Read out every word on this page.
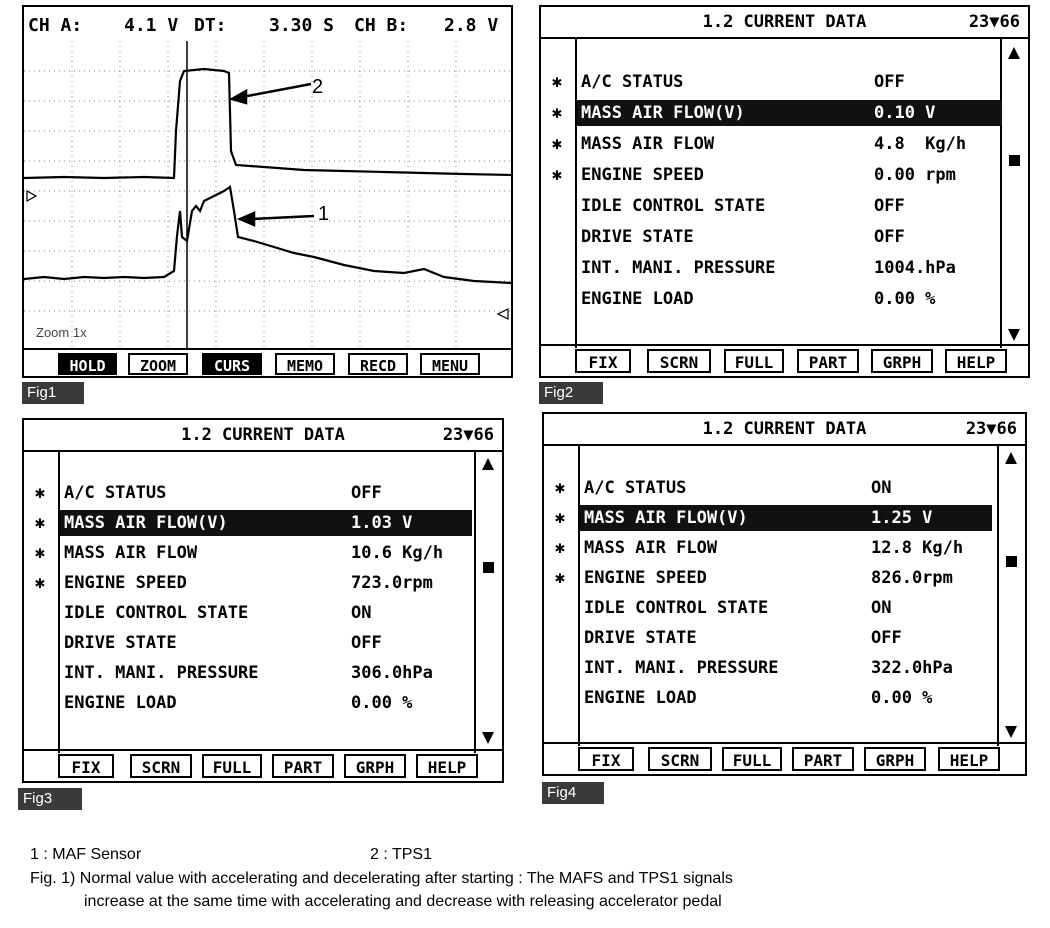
CH A:

4.1 V

DT:

3.30 S

CH B:

2.8 V

2
1
Zoom 1x
HOLD	ZOOM	CURS	MEMO	RECD	MENU
Fig1
1.2 CURRENT DATA	23▼66
✱ A/C STATUS	OFF
✱ MASS AIR FLOW(V)	0.10 V
✱ MASS AIR FLOW	4.8  Kg/h
✱ ENGINE SPEED	0.00 rpm
IDLE CONTROL STATE	OFF
DRIVE STATE	OFF
INT. MANI. PRESSURE	1004.hPa
ENGINE LOAD	0.00 %
FIX	SCRN	FULL	PART	GRPH	HELP
Fig2
1.2 CURRENT DATA	23▼66
✱ A/C STATUS	OFF
✱ MASS AIR FLOW(V)	1.03 V
✱ MASS AIR FLOW	10.6 Kg/h
✱ ENGINE SPEED	723.0rpm
IDLE CONTROL STATE	ON
DRIVE STATE	OFF
INT. MANI. PRESSURE	306.0hPa
ENGINE LOAD	0.00 %
FIX	SCRN	FULL	PART	GRPH	HELP
Fig3
1.2 CURRENT DATA	23▼66
✱ A/C STATUS	ON
✱ MASS AIR FLOW(V)	1.25 V
✱ MASS AIR FLOW	12.8 Kg/h
✱ ENGINE SPEED	826.0rpm
IDLE CONTROL STATE	ON
DRIVE STATE	OFF
INT. MANI. PRESSURE	322.0hPa
ENGINE LOAD	0.00 %
FIX	SCRN	FULL	PART	GRPH	HELP
Fig4
1 : MAF Sensor	2 : TPS1
Fig. 1) Normal value with accelerating and decelerating after starting : The MAFS and TPS1 signals
increase at the same time with accelerating and decrease with releasing accelerator pedal
